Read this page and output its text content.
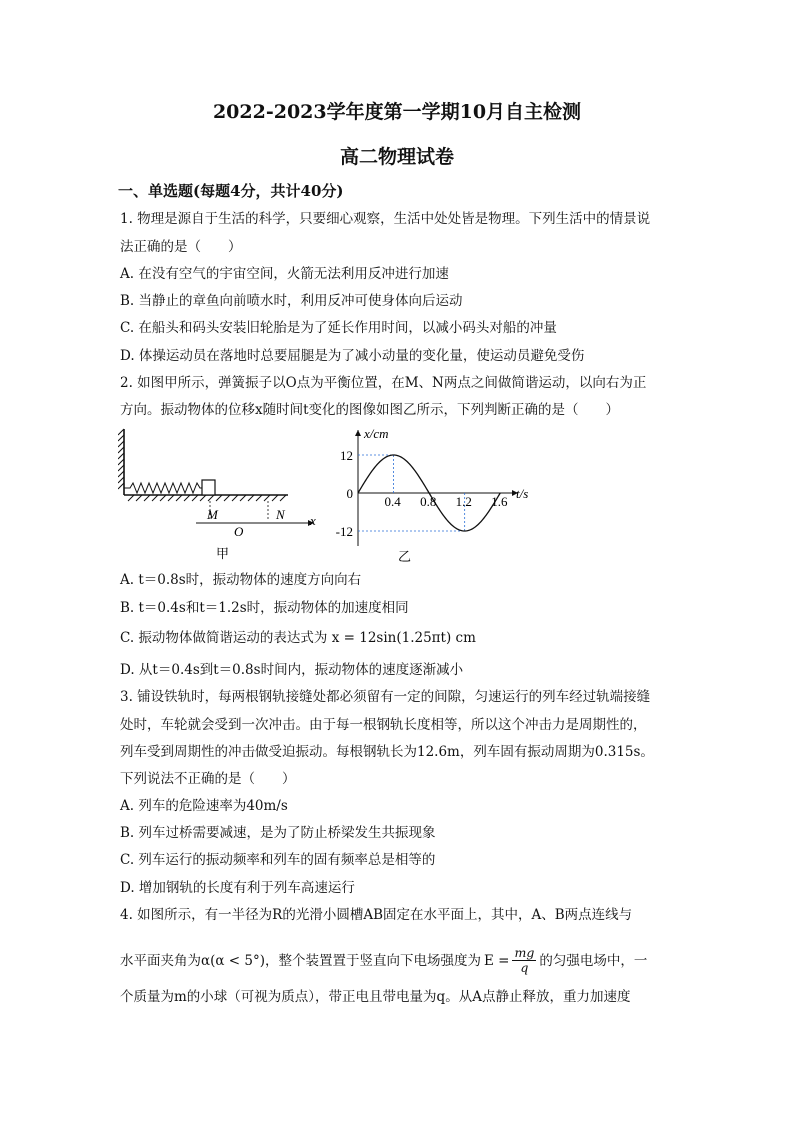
2022-2023学年度第一学期10月自主检测
高二物理试卷
一、单选题(每题4分，共计40分)
1. 物理是源自于生活的科学，只要细心观察，生活中处处皆是物理。下列生活中的情景说
法正确的是（　　）
A. 在没有空气的宇宙空间，火箭无法利用反冲进行加速
B. 当静止的章鱼向前喷水时，利用反冲可使身体向后运动
C. 在船头和码头安装旧轮胎是为了延长作用时间，以减小码头对船的冲量
D. 体操运动员在落地时总要屈腿是为了减小动量的变化量，使运动员避免受伤
2. 如图甲所示，弹簧振子以O点为平衡位置，在M、N两点之间做简谐运动，以向右为正
方向。振动物体的位移x随时间t变化的图像如图乙所示，下列判断正确的是（　　）
M	N x
O
甲
0.4 0.8 1.2 1.6
12
0
-12
x/cm
t/s
乙
A. t＝0.8s时，振动物体的速度方向向右
B. t＝0.4s和t＝1.2s时，振动物体的加速度相同
C. 振动物体做简谐运动的表达式为 x = 12sin(1.25πt) cm
D. 从t＝0.4s到t＝0.8s时间内，振动物体的速度逐渐减小
3. 铺设铁轨时，每两根钢轨接缝处都必须留有一定的间隙，匀速运行的列车经过轨端接缝
处时，车轮就会受到一次冲击。由于每一根钢轨长度相等，所以这个冲击力是周期性的，
列车受到周期性的冲击做受迫振动。每根钢轨长为12.6m，列车固有振动周期为0.315s。
下列说法不正确的是（　　）
A. 列车的危险速率为40m/s
B. 列车过桥需要减速，是为了防止桥梁发生共振现象
C. 列车运行的振动频率和列车的固有频率总是相等的
D. 增加钢轨的长度有利于列车高速运行
4. 如图所示，有一半径为R的光滑小圆槽AB固定在水平面上，其中，A、B两点连线与
水平面夹角为α(α < 5°)，整个装置置于竖直向下电场强度为 $E = \frac{mg}{q}$ 的匀强电场中，一
个质量为m的小球（可视为质点），带正电且带电量为q。从A点静止释放，重力加速度
